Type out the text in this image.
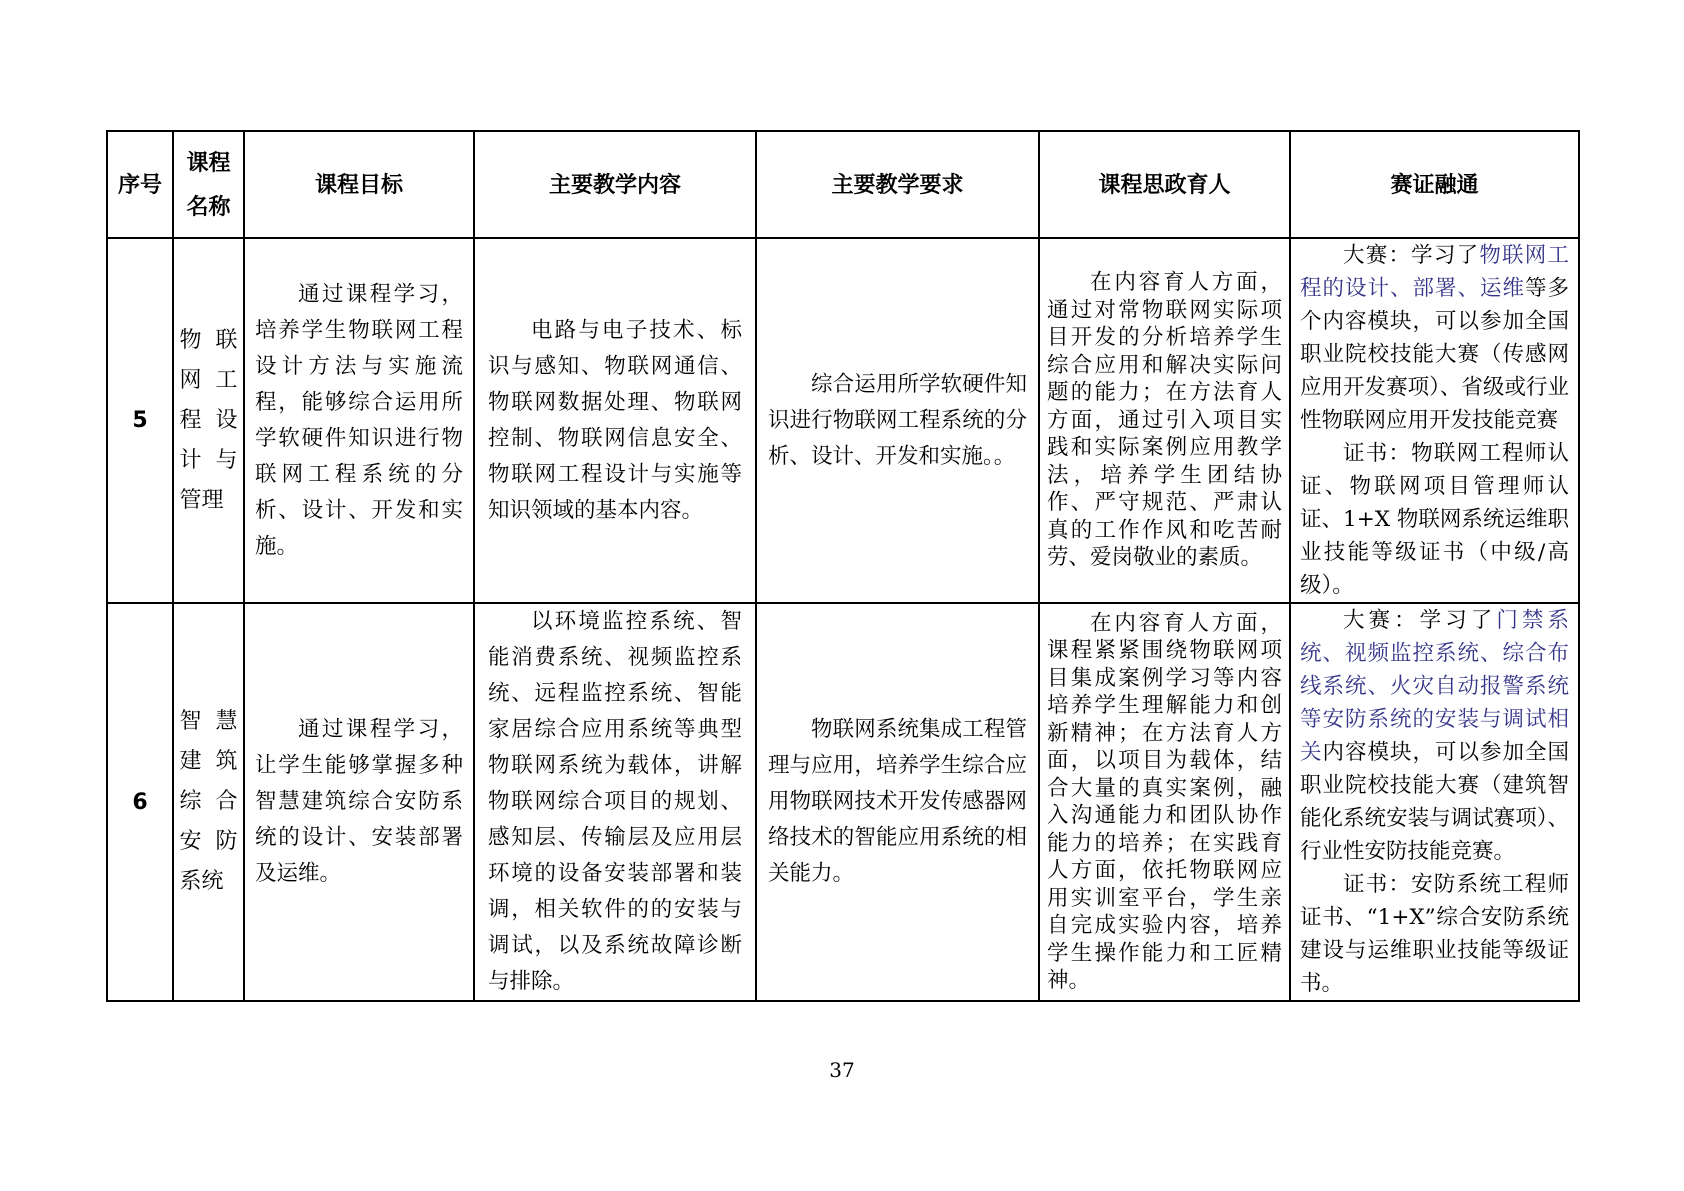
序号	课程名称	课程目标	主要教学内容	主要教学要求	课程思政育人	赛证融通

5	物联网工程设计与管理	通过课程学习，培养学生物联网工程设计方法与实施流程，能够综合运用所学软硬件知识进行物联网工程系统的分析、设计、开发和实施。	电路与电子技术、标识与感知、物联网通信、物联网数据处理、物联网控制、物联网信息安全、物联网工程设计与实施等知识领域的基本内容。	综合运用所学软硬件知识进行物联网工程系统的分析、设计、开发和实施。。	在内容育人方面，通过对常物联网实际项目开发的分析培养学生综合应用和解决实际问题的能力；在方法育人方面，通过引入项目实践和实际案例应用教学法，培养学生团结协作、严守规范、严肃认真的工作作风和吃苦耐劳、爱岗敬业的素质。	大赛：学习了物联网工程的设计、部署、运维等多个内容模块，可以参加全国职业院校技能大赛（传感网应用开发赛项）、省级或行业性物联网应用开发技能竞赛
证书：物联网工程师认证、物联网项目管理师认证、1+X 物联网系统运维职业技能等级证书（中级/高级）。

6	智慧建筑综合安防系统	通过课程学习，让学生能够掌握多种智慧建筑综合安防系统的设计、安装部署及运维。	以环境监控系统、智能消费系统、视频监控系统、远程监控系统、智能家居综合应用系统等典型物联网系统为载体，讲解物联网综合项目的规划、感知层、传输层及应用层环境的设备安装部署和装调，相关软件的的安装与调试，以及系统故障诊断与排除。	物联网系统集成工程管理与应用，培养学生综合应用物联网技术开发传感器网络技术的智能应用系统的相关能力。	在内容育人方面，课程紧紧围绕物联网项目集成案例学习等内容培养学生理解能力和创新精神；在方法育人方面，以项目为载体，结合大量的真实案例，融入沟通能力和团队协作能力的培养；在实践育人方面，依托物联网应用实训室平台，学生亲自完成实验内容，培养学生操作能力和工匠精神。	大赛：学习了门禁系统、视频监控系统、综合布线系统、火灾自动报警系统等安防系统的安装与调试相关内容模块，可以参加全国职业院校技能大赛（建筑智能化系统安装与调试赛项）、行业性安防技能竞赛。
证书：安防系统工程师证书、“1+X”综合安防系统建设与运维职业技能等级证书。
37
